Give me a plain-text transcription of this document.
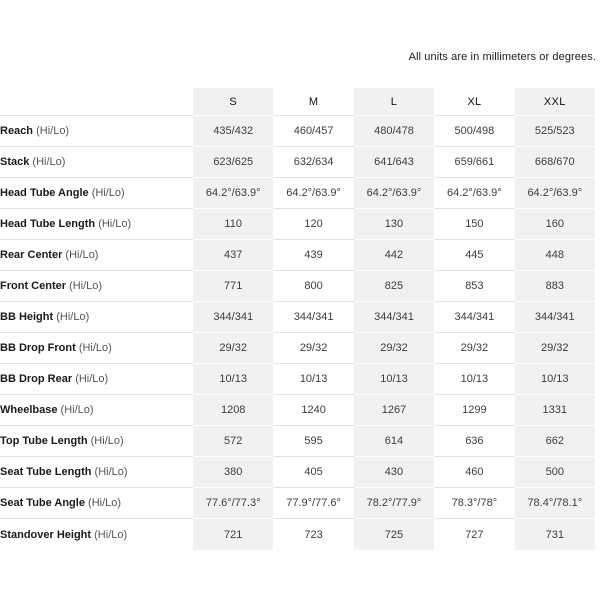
All units are in millimeters or degrees.
	S	M	L	XL	XXL
Reach (Hi/Lo)	435/432	460/457	480/478	500/498	525/523
Stack (Hi/Lo)	623/625	632/634	641/643	659/661	668/670
Head Tube Angle (Hi/Lo)	64.2°/63.9°	64.2°/63.9°	64.2°/63.9°	64.2°/63.9°	64.2°/63.9°
Head Tube Length (Hi/Lo)	110	120	130	150	160
Rear Center (Hi/Lo)	437	439	442	445	448
Front Center (Hi/Lo)	771	800	825	853	883
BB Height (Hi/Lo)	344/341	344/341	344/341	344/341	344/341
BB Drop Front (Hi/Lo)	29/32	29/32	29/32	29/32	29/32
BB Drop Rear (Hi/Lo)	10/13	10/13	10/13	10/13	10/13
Wheelbase (Hi/Lo)	1208	1240	1267	1299	1331
Top Tube Length (Hi/Lo)	572	595	614	636	662
Seat Tube Length (Hi/Lo)	380	405	430	460	500
Seat Tube Angle (Hi/Lo)	77.6°/77.3°	77.9°/77.6°	78.2°/77.9°	78.3°/78°	78.4°/78.1°
Standover Height (Hi/Lo)	721	723	725	727	731
